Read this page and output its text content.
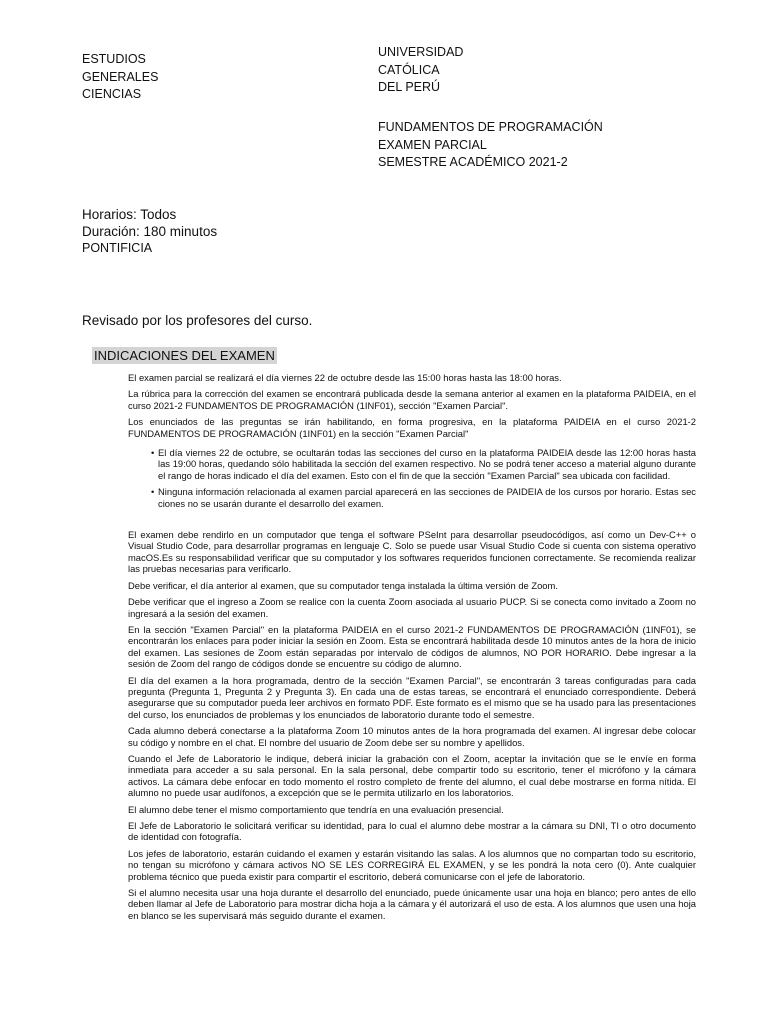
ESTUDIOS
GENERALES
CIENCIAS
UNIVERSIDAD
CATÓLICA
DEL PERÚ
FUNDAMENTOS DE PROGRAMACIÓN
EXAMEN PARCIAL
SEMESTRE ACADÉMICO 2021-2
Horarios: Todos
Duración: 180 minutos
PONTIFICIA
Revisado por los profesores del curso.
INDICACIONES DEL EXAMEN

El examen parcial se realizará el día viernes 22 de octubre desde las 15:00 horas hasta las 18:00 horas.

La rúbrica para la corrección del examen se encontrará publicada desde la semana anterior al examen en la plataforma PAIDEIA, en el curso 2021-2 FUNDAMENTOS DE PROGRAMACIÓN (1INF01), sección "Examen Parcial".

Los enunciados de las preguntas se irán habilitando, en forma progresiva, en la plataforma PAIDEIA en el curso 2021-2 FUNDAMENTOS DE PROGRAMACIÓN (1INF01) en la sección "Examen Parcial"

• El día viernes 22 de octubre, se ocultarán todas las secciones del curso en la plataforma PAIDEIA desde las 12:00 horas hasta las 19:00 horas, quedando sólo habilitada la sección del examen respectivo. No se podrá tener acceso a material alguno durante el rango de horas indicado el día del examen. Esto con el fin de que la sección "Examen Parcial" sea ubicada con facilidad.
• Ninguna información relacionada al examen parcial aparecerá en las secciones de PAIDEIA de los cursos por horario. Estas sec ciones no se usarán durante el desarrollo del examen.

El examen debe rendirlo en un computador que tenga el software PSeInt para desarrollar pseudocódigos, así como un Dev-C++ o Visual Studio Code, para desarrollar programas en lenguaje C. Solo se puede usar Visual Studio Code si cuenta con sistema operativo macOS.Es su responsabilidad verificar que su computador y los softwares requeridos funcionen correctamente. Se recomienda realizar las pruebas necesarias para verificarlo.

Debe verificar, el día anterior al examen, que su computador tenga instalada la última versión de Zoom.

Debe verificar que el ingreso a Zoom se realice con la cuenta Zoom asociada al usuario PUCP. Si se conecta como invitado a Zoom no ingresará a la sesión del examen.

En la sección "Examen Parcial" en la plataforma PAIDEIA en el curso 2021-2 FUNDAMENTOS DE PROGRAMACIÓN (1INF01), se encontrarán los enlaces para poder iniciar la sesión en Zoom. Esta se encontrará habilitada desde 10 minutos antes de la hora de inicio del examen. Las sesiones de Zoom están separadas por intervalo de códigos de alumnos, NO POR HORARIO. Debe ingresar a la sesión de Zoom del rango de códigos donde se encuentre su código de alumno.

El día del examen a la hora programada, dentro de la sección "Examen Parcial", se encontrarán 3 tareas configuradas para cada pregunta (Pregunta 1, Pregunta 2 y Pregunta 3). En cada una de estas tareas, se encontrará el enunciado correspondiente. Deberá asegurarse que su computador pueda leer archivos en formato PDF. Este formato es el mismo que se ha usado para las presentaciones del curso, los enunciados de problemas y los enunciados de laboratorio durante todo el semestre.

Cada alumno deberá conectarse a la plataforma Zoom 10 minutos antes de la hora programada del examen. Al ingresar debe colocar su código y nombre en el chat. El nombre del usuario de Zoom debe ser su nombre y apellidos.

Cuando el Jefe de Laboratorio le indique, deberá iniciar la grabación con el Zoom, aceptar la invitación que se le envíe en forma inmediata para acceder a su sala personal. En la sala personal, debe compartir todo su escritorio, tener el micrófono y la cámara activos. La cámara debe enfocar en todo momento el rostro completo de frente del alumno, el cual debe mostrarse en forma nítida. El alumno no puede usar audífonos, a excepción que se le permita utilizarlo en los laboratorios.

El alumno debe tener el mismo comportamiento que tendría en una evaluación presencial.

El Jefe de Laboratorio le solicitará verificar su identidad, para lo cual el alumno debe mostrar a la cámara su DNI, TI o otro documento de identidad con fotografía.

Los jefes de laboratorio, estarán cuidando el examen y estarán visitando las salas. A los alumnos que no compartan todo su escritorio, no tengan su micrófono y cámara activos NO SE LES CORREGIRÁ EL EXAMEN, y se les pondrá la nota cero (0). Ante cualquier problema técnico que pueda existir para compartir el escritorio, deberá comunicarse con el jefe de laboratorio.

Si el alumno necesita usar una hoja durante el desarrollo del enunciado, puede únicamente usar una hoja en blanco; pero antes de ello deben llamar al Jefe de Laboratorio para mostrar dicha hoja a la cámara y él autorizará el uso de esta. A los alumnos que usen una hoja en blanco se les supervisará más seguido durante el examen.
